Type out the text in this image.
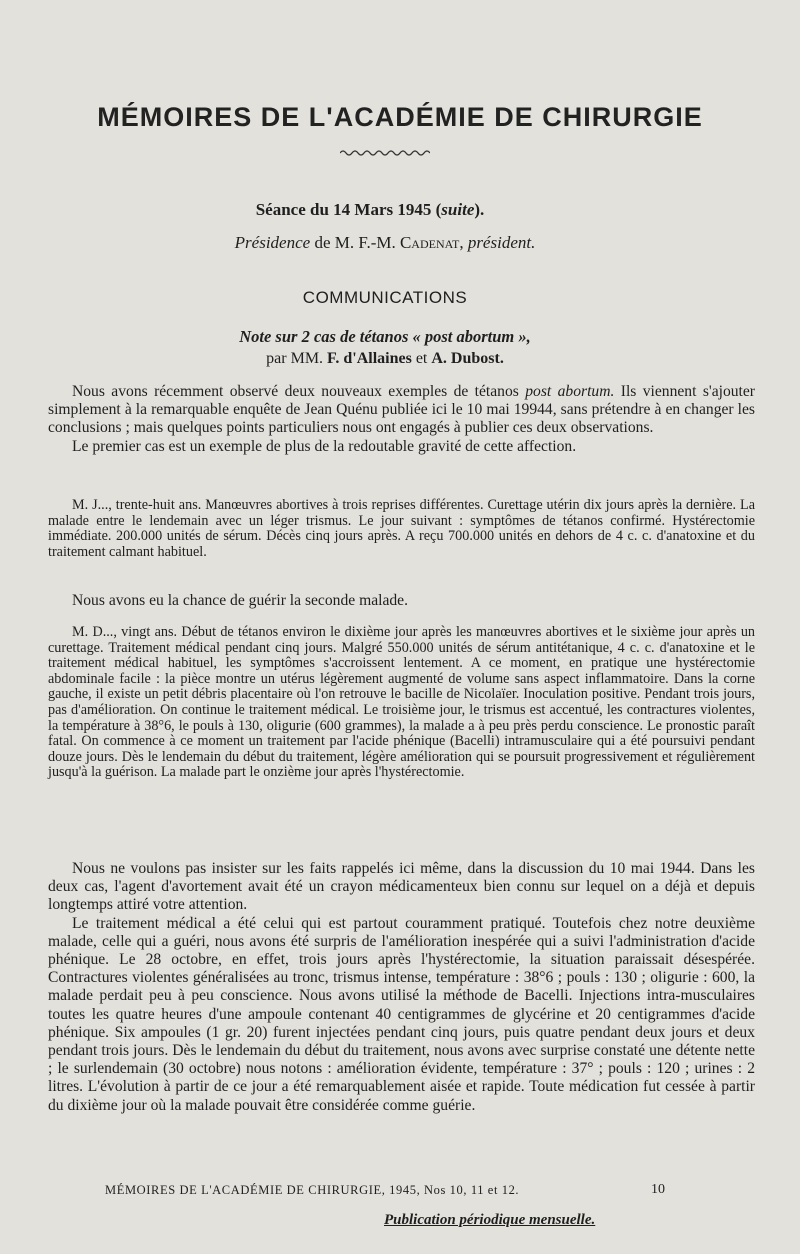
MÉMOIRES DE L'ACADÉMIE DE CHIRURGIE
Séance du 14 Mars 1945 (suite).
Présidence de M. F.-M. Cadenat, président.
COMMUNICATIONS
Note sur 2 cas de tétanos « post abortum »,
par MM. F. d'Allaines et A. Dubost.

Nous avons récemment observé deux nouveaux exemples de tétanos post abortum. Ils viennent s'ajouter simplement à la remarquable enquête de Jean Quénu publiée ici le 10 mai 19944, sans prétendre à en changer les conclusions ; mais quelques points particuliers nous ont engagés à publier ces deux observations.

Le premier cas est un exemple de plus de la redoutable gravité de cette affection.

M. J..., trente-huit ans. Manœuvres abortives à trois reprises différentes. Curettage utérin dix jours après la dernière. La malade entre le lendemain avec un léger trismus. Le jour suivant : symptômes de tétanos confirmé. Hystérectomie immédiate. 200.000 unités de sérum. Décès cinq jours après. A reçu 700.000 unités en dehors de 4 c. c. d'anatoxine et du traitement calmant habituel.

Nous avons eu la chance de guérir la seconde malade.

M. D..., vingt ans. Début de tétanos environ le dixième jour après les manœuvres abortives et le sixième jour après un curettage. Traitement médical pendant cinq jours. Malgré 550.000 unités de sérum antitétanique, 4 c. c. d'anatoxine et le traitement médical habituel, les symptômes s'accroissent lentement. A ce moment, en pratique une hystérectomie abdominale facile : la pièce montre un utérus légèrement augmenté de volume sans aspect inflammatoire. Dans la corne gauche, il existe un petit débris placentaire où l'on retrouve le bacille de Nicolaïer. Inoculation positive. Pendant trois jours, pas d'amélioration. On continue le traitement médical. Le troisième jour, le trismus est accentué, les contractures violentes, la température à 38°6, le pouls à 130, oligurie (600 grammes), la malade a à peu près perdu conscience. Le pronostic paraît fatal. On commence à ce moment un traitement par l'acide phénique (Bacelli) intramusculaire qui a été poursuivi pendant douze jours. Dès le lendemain du début du traitement, légère amélioration qui se poursuit progressivement et régulièrement jusqu'à la guérison. La malade part le onzième jour après l'hystérectomie.

Nous ne voulons pas insister sur les faits rappelés ici même, dans la discussion du 10 mai 1944. Dans les deux cas, l'agent d'avortement avait été un crayon médicamenteux bien connu sur lequel on a déjà et depuis longtemps attiré votre attention.

Le traitement médical a été celui qui est partout couramment pratiqué. Toutefois chez notre deuxième malade, celle qui a guéri, nous avons été surpris de l'amélioration inespérée qui a suivi l'administration d'acide phénique. Le 28 octobre, en effet, trois jours après l'hystérectomie, la situation paraissait désespérée. Contractures violentes généralisées au tronc, trismus intense, température : 38°6 ; pouls : 130 ; oligurie : 600, la malade perdait peu à peu conscience. Nous avons utilisé la méthode de Bacelli. Injections intra-musculaires toutes les quatre heures d'une ampoule contenant 40 centigrammes de glycérine et 20 centigrammes d'acide phénique. Six ampoules (1 gr. 20) furent injectées pendant cinq jours, puis quatre pendant deux jours et deux pendant trois jours. Dès le lendemain du début du traitement, nous avons avec surprise constaté une détente nette ; le surlendemain (30 octobre) nous notons : amélioration évidente, température : 37° ; pouls : 120 ; urines : 2 litres. L'évolution à partir de ce jour a été remarquablement aisée et rapide. Toute médication fut cessée à partir du dixième jour où la malade pouvait être considérée comme guérie.

MÉMOIRES DE L'ACADÉMIE DE CHIRURGIE, 1945, Nos 10, 11 et 12.	10
Publication périodique mensuelle.
